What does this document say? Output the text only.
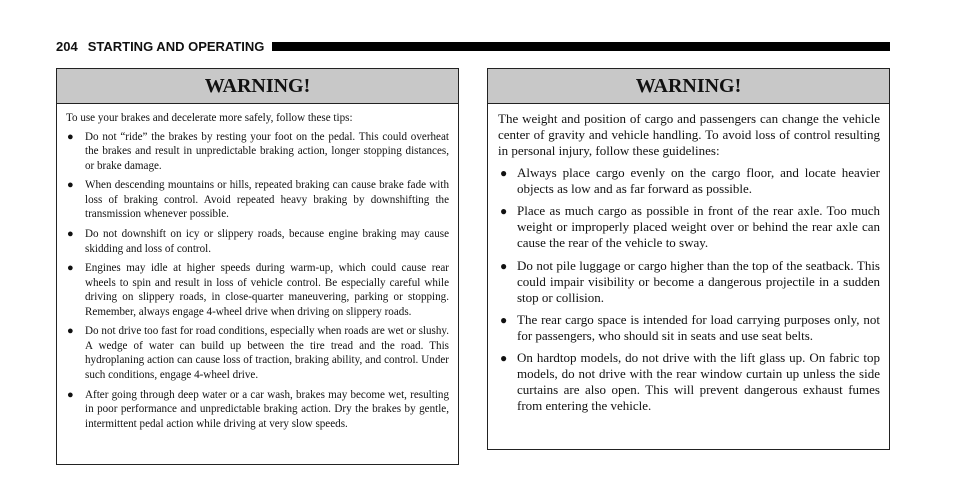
204 STARTING AND OPERATING
WARNING!

To use your brakes and decelerate more safely, follow these tips:

● Do not “ride” the brakes by resting your foot on the pedal. This could overheat the brakes and result in unpredictable braking action, longer stopping distances, or brake damage.
● When descending mountains or hills, repeated braking can cause brake fade with loss of braking control. Avoid repeated heavy braking by downshifting the transmission whenever possible.
● Do not downshift on icy or slippery roads, because engine braking may cause skidding and loss of control.
● Engines may idle at higher speeds during warm-up, which could cause rear wheels to spin and result in loss of vehicle control. Be especially careful while driving on slippery roads, in close-quarter maneuvering, parking or stopping. Remember, always engage 4-wheel drive when driving on slippery roads.
● Do not drive too fast for road conditions, especially when roads are wet or slushy. A wedge of water can build up between the tire tread and the road. This hydroplaning action can cause loss of traction, braking ability, and control. Under such conditions, engage 4-wheel drive.
● After going through deep water or a car wash, brakes may become wet, resulting in poor performance and unpredictable braking action. Dry the brakes by gentle, intermittent pedal action while driving at very slow speeds.
WARNING!

The weight and position of cargo and passengers can change the vehicle center of gravity and vehicle handling. To avoid loss of control resulting in personal injury, follow these guidelines:

● Always place cargo evenly on the cargo floor, and locate heavier objects as low and as far forward as possible.
● Place as much cargo as possible in front of the rear axle. Too much weight or improperly placed weight over or behind the rear axle can cause the rear of the vehicle to sway.
● Do not pile luggage or cargo higher than the top of the seatback. This could impair visibility or become a dangerous projectile in a sudden stop or collision.
● The rear cargo space is intended for load carrying purposes only, not for passengers, who should sit in seats and use seat belts.
● On hardtop models, do not drive with the lift glass up. On fabric top models, do not drive with the rear window curtain up unless the side curtains are also open. This will prevent dangerous exhaust fumes from entering the vehicle.
